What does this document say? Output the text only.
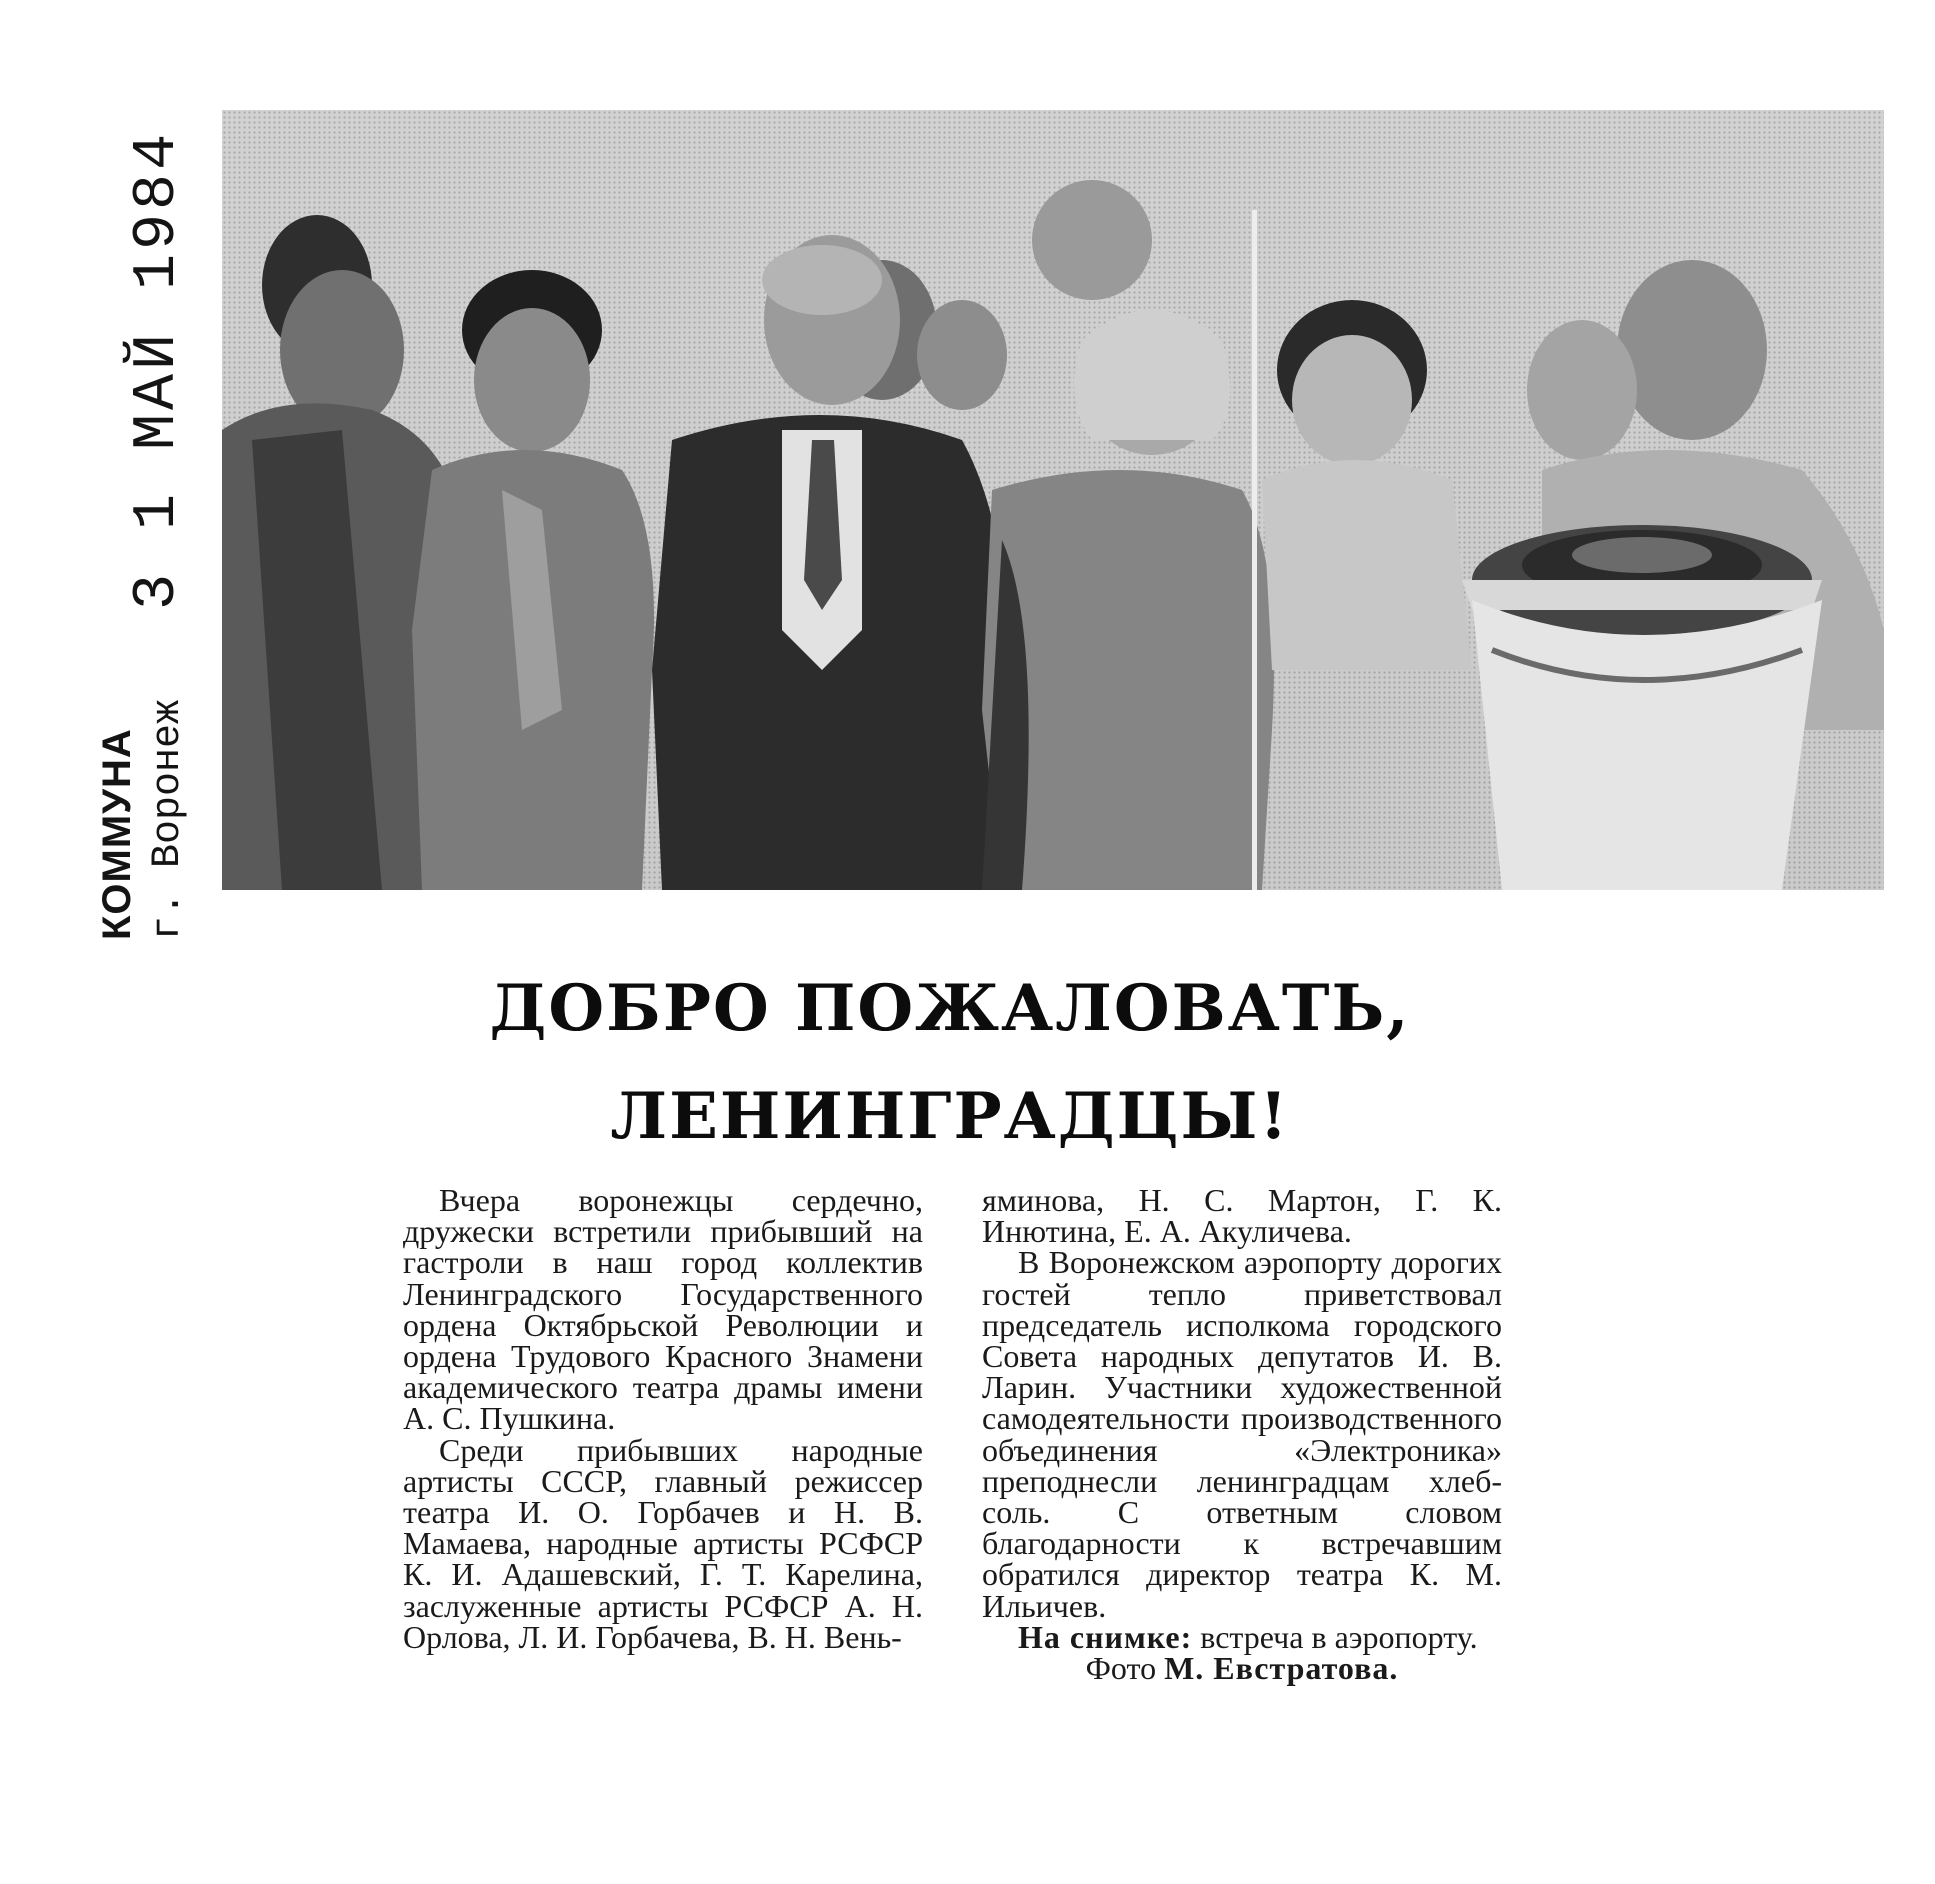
КОММУНА г. Воронеж
3 1 МАЙ 1984
ДОБРО ПОЖАЛОВАТЬ,
ЛЕНИНГРАДЦЫ!

Вчера воронежцы сердечно, дружески встретили прибывший на гастроли в наш город коллектив Ленинградского Государственного ордена Октябрьской Революции и ордена Трудового Красного Знамени академического театра драмы имени А. С. Пушкина.

Среди прибывших народные артисты СССР, главный режиссер театра И. О. Горбачев и Н. В. Мамаева, народные артисты РСФСР К. И. Адашевский, Г. Т. Карелина, заслуженные артисты РСФСР А. Н. Орлова, Л. И. Горбачева, В. Н. Вень-

яминова, Н. С. Мартон, Г. К. Инютина, Е. А. Акуличева.

В Воронежском аэропорту дорогих гостей тепло приветствовал председатель исполкома городского Совета народных депутатов И. В. Ларин. Участники художественной самодеятельности производственного объединения «Электроника» преподнесли ленинградцам хлеб-соль. С ответным словом благодарности к встречавшим обратился директор театра К. М. Ильичев.

На снимке: встреча в аэропорту.

Фото М. Евстратова.
